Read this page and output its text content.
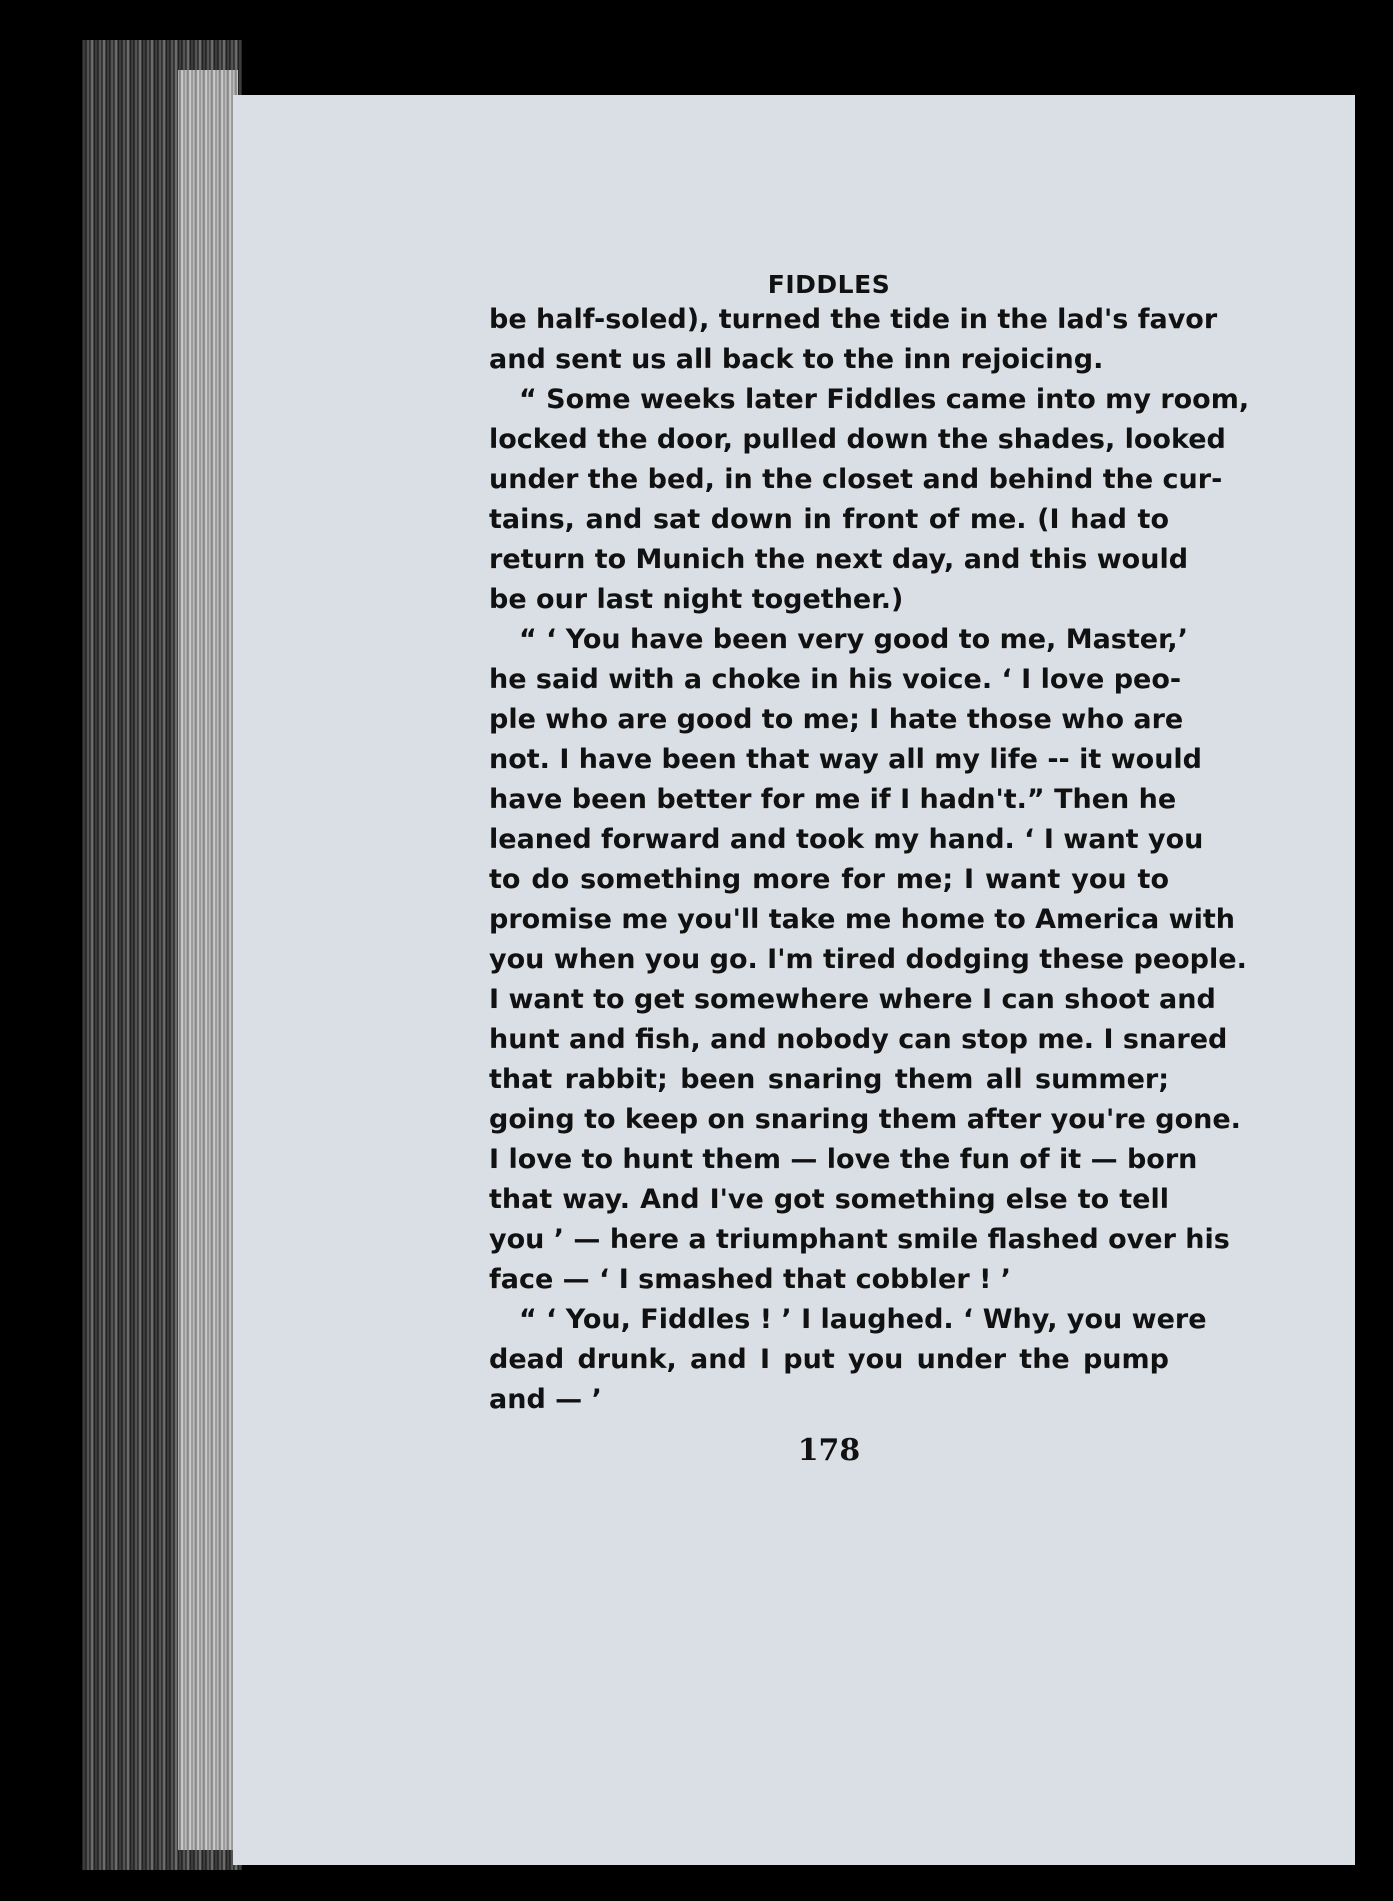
FIDDLES
be half-soled), turned the tide in the lad's favor
and sent us all back to the inn rejoicing.
“ Some weeks later Fiddles came into my room,
locked the door, pulled down the shades, looked
under the bed, in the closet and behind the cur-
tains, and sat down in front of me. (I had to
return to Munich the next day, and this would
be our last night together.)
“ ‘ You have been very good to me, Master,’
he said with a choke in his voice. ‘ I love peo-
ple who are good to me; I hate those who are
not. I have been that way all my life -- it would
have been better for me if I hadn't.” Then he
leaned forward and took my hand. ‘ I want you
to do something more for me; I want you to
promise me you'll take me home to America with
you when you go. I'm tired dodging these people.
I want to get somewhere where I can shoot and
hunt and fish, and nobody can stop me. I snared
that rabbit; been snaring them all summer;
going to keep on snaring them after you're gone.
I love to hunt them — love the fun of it — born
that way. And I've got something else to tell
you ’ — here a triumphant smile flashed over his
face — ‘ I smashed that cobbler ! ’
“ ‘ You, Fiddles ! ’ I laughed. ‘ Why, you were
dead drunk, and I put you under the pump
and — ’
178
